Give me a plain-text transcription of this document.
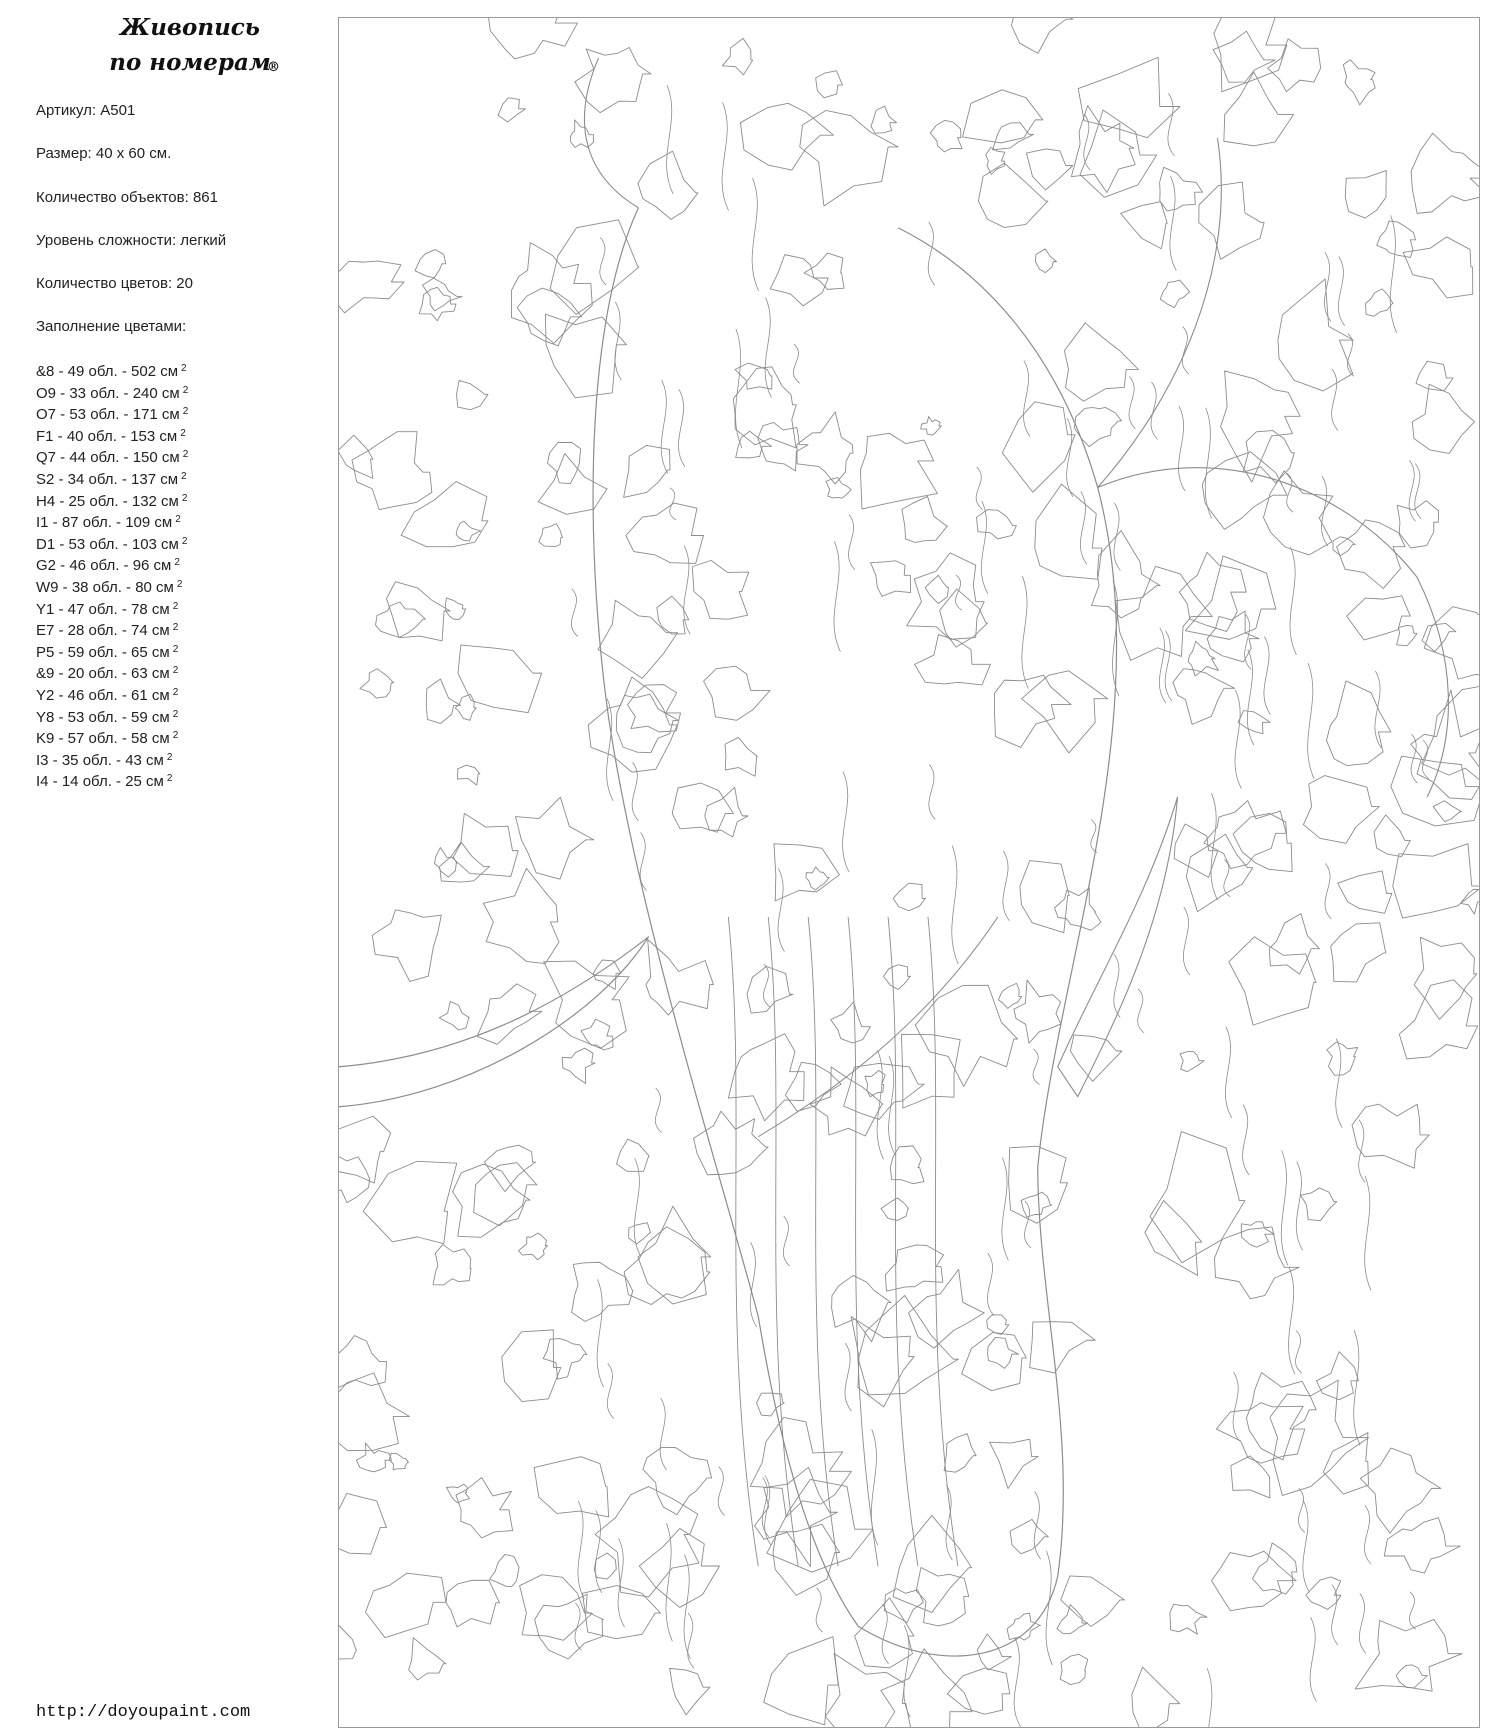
Живопись
по номерам
®
Артикул: A501
Размер: 40 x 60 см.
Количество объектов: 861
Уровень сложности: легкий
Количество цветов: 20
Заполнение цветами:
&8 - 49 обл. - 502 см $^2$
O9 - 33 обл. - 240 см $^2$
O7 - 53 обл. - 171 см $^2$
F1 - 40 обл. - 153 см $^2$
Q7 - 44 обл. - 150 см $^2$
S2 - 34 обл. - 137 см $^2$
H4 - 25 обл. - 132 см $^2$
I1 - 87 обл. - 109 см $^2$
D1 - 53 обл. - 103 см $^2$
G2 - 46 обл. - 96 см $^2$
W9 - 38 обл. - 80 см $^2$
Y1 - 47 обл. - 78 см $^2$
E7 - 28 обл. - 74 см $^2$
P5 - 59 обл. - 65 см $^2$
&9 - 20 обл. - 63 см $^2$
Y2 - 46 обл. - 61 см $^2$
Y8 - 53 обл. - 59 см $^2$
K9 - 57 обл. - 58 см $^2$
I3 - 35 обл. - 43 см $^2$
I4 - 14 обл. - 25 см $^2$
http://doyoupaint.com
